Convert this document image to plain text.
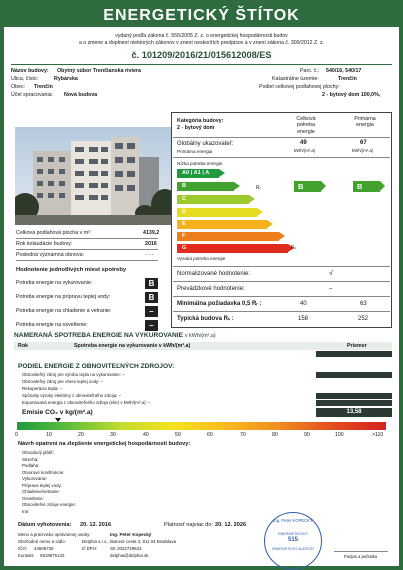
ENERGETICKÝ ŠTÍTOK
vydaný podľa zákona č. 555/2005 Z. z. o energetickej hospodárnosti budov
a o zmene a doplnení niektorých zákonov v znení neskorších predpisov a v znení zákona č. 300/2012 Z. z.
č. 101209/2016/21/015612008/ES
Názov budovy: Obytný súbor Trenčianska riviera	Parc. č.: 540/16, 540/17
Ulica, číslo:	Rybárska	Katastrálne územie:	Trenčín
Obec: Trenčín	Podiel celkovej podlahovej plochy:
Účel spracovania: Nová budova	2 - bytový dom 100,0%,
Celková podlahová plocha v m²:	4139,2
Rok kolaudácie budovy:	2016
Posledná významná obnova:	- - -
Hodnotenie jednotlivých miest spotreby
Potreba energie na vykurovanie:	B
Potreba energie na prípravu teplej vody:	B
Potreba energie na chladenie a vetranie:	–
Potreba energie na osvetlenie:	–
Kategória budovy:
2 - bytový dom
Celková potreba energie
Primárna energia
Globálny ukazovateľ:
Primárna energia
49
kWh/(m².a)
67
kWh/(m².a)
Nízka potreba energie
A0 | A1 | A
B
C
D
E
F
G
Vysoká potreba energie
Rᵣ
Rₛ
B	B
Normalizované hodnotenie:	√
Prevádzkové hodnotenie:	–
Minimálna požiadavka 0,5 Rᵣ :	40	63
Typická budova Rₛ :	158	252
NAMERANÁ SPOTREBA ENERGIE NA VYKUROVANIE v kWh/(m².a)
Rok	Spotreba energie na vykurovanie v kWh/(m².a)	Priemer
PODIEL ENERGIE Z OBNOVITEĽNÝCH ZDROJOV:
Obnoviteľný zdroj pre výrobu tepla na vykurovanie: –
Obnoviteľný zdroj pre ohrev teplej vody: –
Rekuperácia tepla: –
Spôsoby výroby elektriny z obnoviteľného zdroja: –
Exportovaná energia z obnoviteľného zdroja (el/e) v kWh/(m².a): –
Emisie CO₂ v kg/(m².a)	13,58
0	10	20	30	40	50	60	70	80	90	100	>110
Návrh opatrení na zlepšenie energetickej hospodárnosti budovy:
Obvodový plášť:
Strecha:
Podlaha:
Otvorové konštrukcie:
Vykurovanie:
Príprava teplej vody:
Chladenie/vetranie:
Osvetlenie:
Obnoviteľné zdroje energie:
Iné:
Dátum vyhotovenia: 20. 12. 2016	Platnosť najviac do: 20. 12. 2026
Meno a priezvisko oprávnenej osoby:	Ing. Peter Kopecký
Obchodné meno a sídlo:	Delphia s.r.o., Bukové cesta 3, 811 04 Bratislava
IČO: 44505736	Ič DPH:	SK 2022729623
Kontakt: 0918875133	delphia@delphia.sk
Ing. Peter KOPECKÝ
ENERGETIKOVÝ
515
ENERGETICKÝ AUDÍTOR
Podpis a pečiatka
